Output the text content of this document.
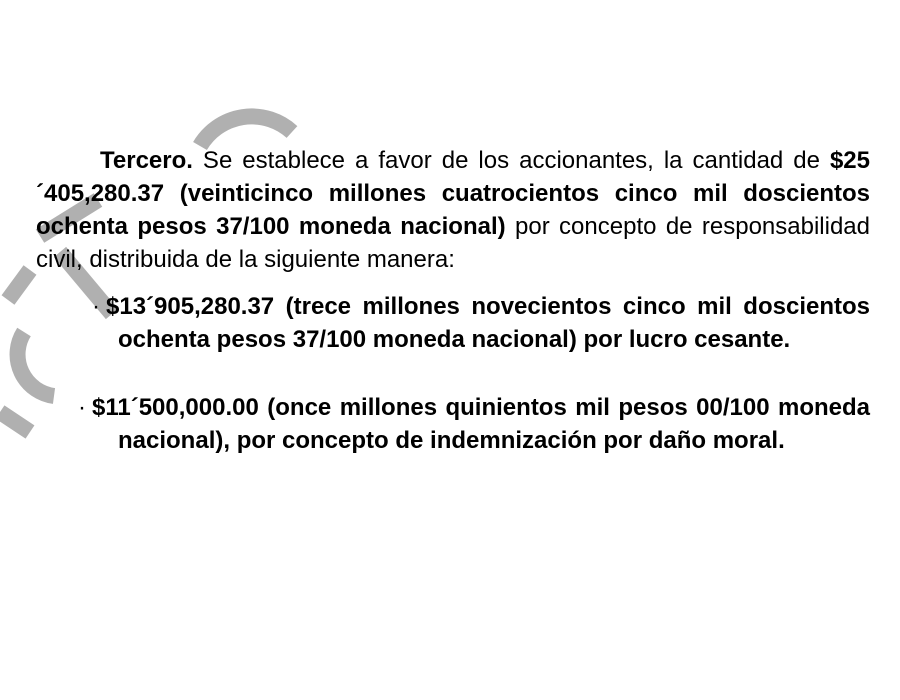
Tercero. Se establece a favor de los accionantes, la cantidad de $25´405,280.37 (veinticinco millones cuatrocientos cinco mil doscientos ochenta pesos 37/100 moneda nacional) por concepto de responsabilidad civil, distribuida de la siguiente manera:

· $13´905,280.37 (trece millones novecientos cinco mil doscientos ochenta pesos 37/100 moneda nacional) por lucro cesante.
· $11´500,000.00 (once millones quinientos mil pesos 00/100 moneda nacional), por concepto de indemnización por daño moral.
